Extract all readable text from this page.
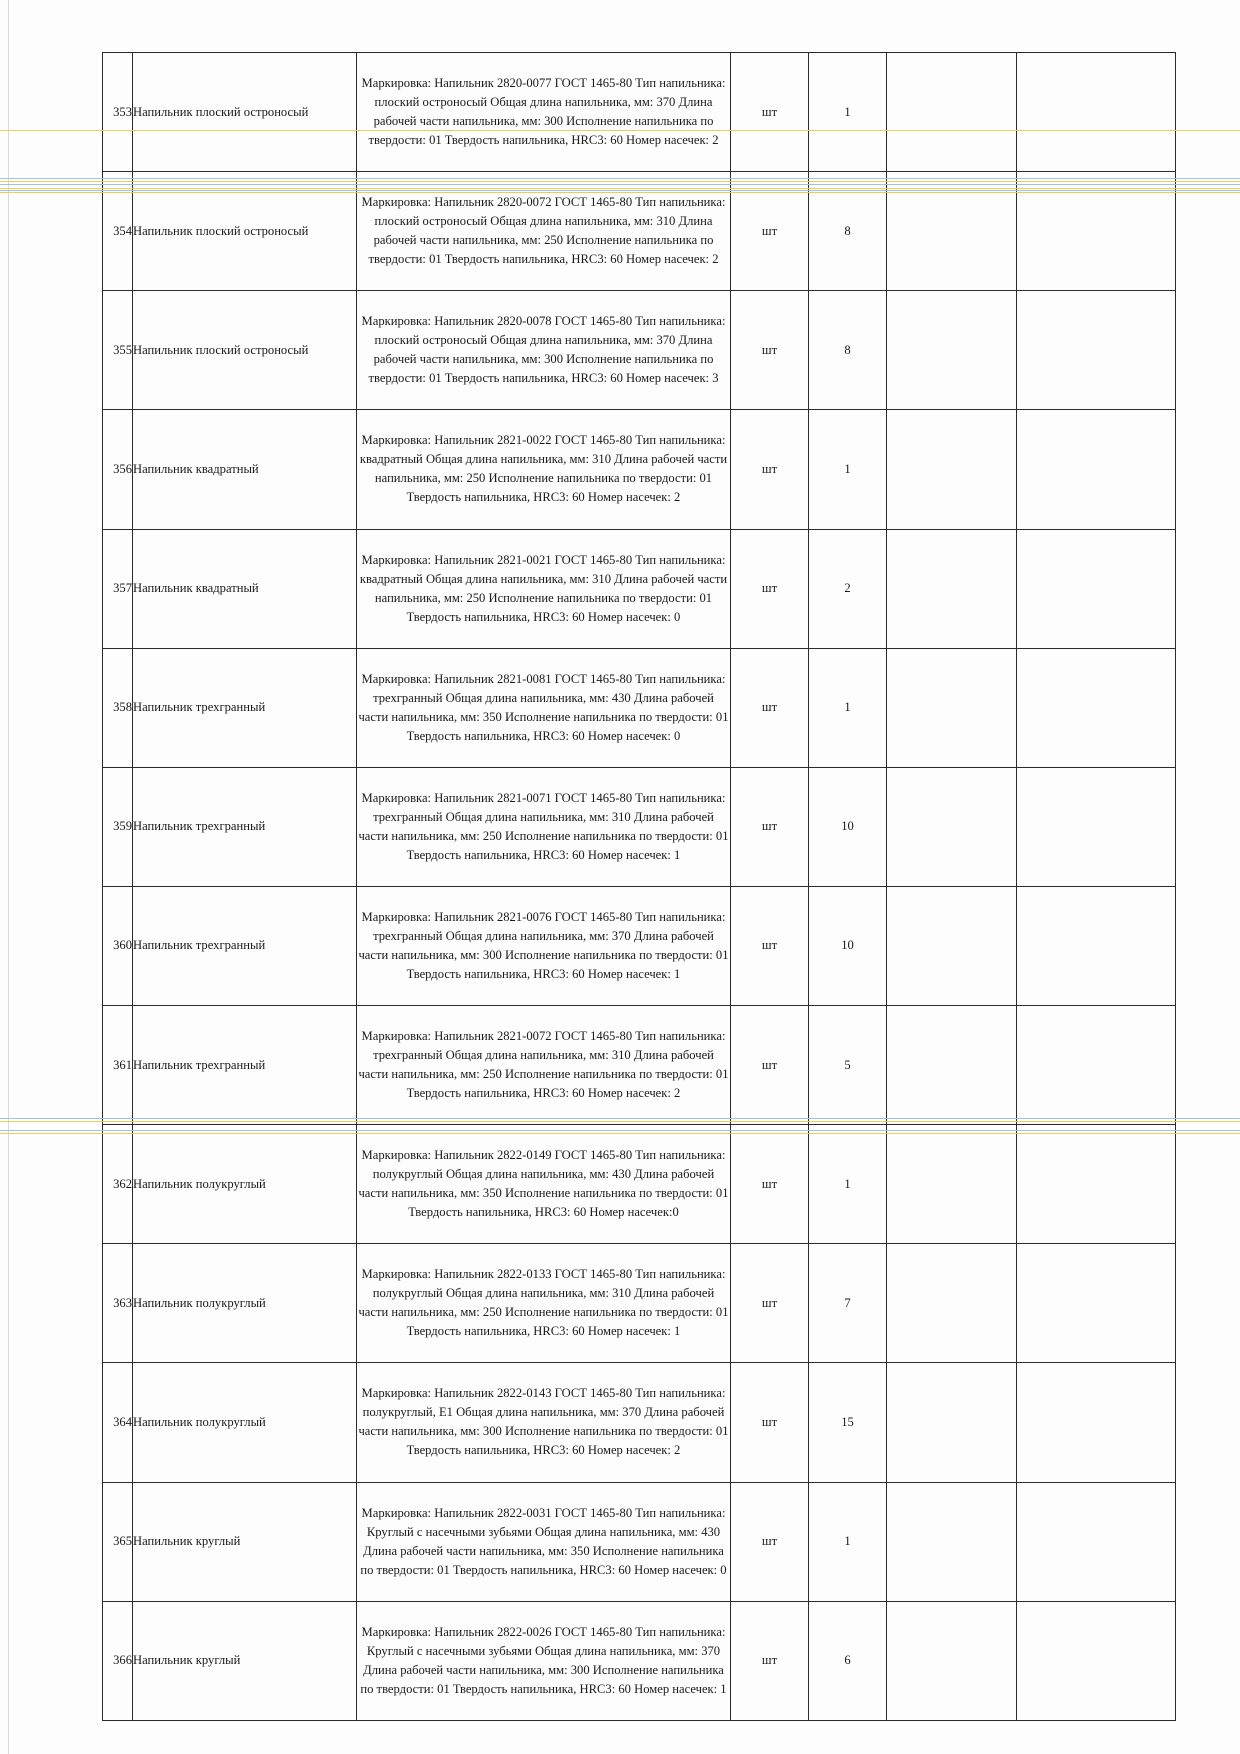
353	Напильник плоский остроносый	Маркировка: Напильник 2820-0077 ГОСТ 1465-80 Тип напильника: плоский остроносый Общая длина напильника, мм: 370 Длина рабочей части напильника, мм: 300 Исполнение напильника по твердости: 01 Твердость напильника, HRC3: 60 Номер насечек: 2	шт	1		
354	Напильник плоский остроносый	Маркировка: Напильник 2820-0072 ГОСТ 1465-80 Тип напильника: плоский остроносый Общая длина напильника, мм: 310 Длина рабочей части напильника, мм: 250 Исполнение напильника по твердости: 01 Твердость напильника, HRC3: 60 Номер насечек: 2	шт	8		
355	Напильник плоский остроносый	Маркировка: Напильник 2820-0078 ГОСТ 1465-80 Тип напильника: плоский остроносый Общая длина напильника, мм: 370 Длина рабочей части напильника, мм: 300 Исполнение напильника по твердости: 01 Твердость напильника, HRC3: 60 Номер насечек: 3	шт	8		
356	Напильник квадратный	Маркировка: Напильник 2821-0022 ГОСТ 1465-80 Тип напильника: квадратный Общая длина напильника, мм: 310 Длина рабочей части напильника, мм: 250 Исполнение напильника по твердости: 01 Твердость напильника, HRC3: 60 Номер насечек: 2	шт	1		
357	Напильник квадратный	Маркировка: Напильник 2821-0021 ГОСТ 1465-80 Тип напильника: квадратный Общая длина напильника, мм: 310 Длина рабочей части напильника, мм: 250 Исполнение напильника по твердости: 01 Твердость напильника, HRC3: 60 Номер насечек: 0	шт	2		
358	Напильник трехгранный	Маркировка: Напильник 2821-0081 ГОСТ 1465-80 Тип напильника: трехгранный Общая длина напильника, мм: 430 Длина рабочей части напильника, мм: 350 Исполнение напильника по твердости: 01 Твердость напильника, HRC3: 60 Номер насечек: 0	шт	1		
359	Напильник трехгранный	Маркировка: Напильник 2821-0071 ГОСТ 1465-80 Тип напильника: трехгранный Общая длина напильника, мм: 310 Длина рабочей части напильника, мм: 250 Исполнение напильника по твердости: 01 Твердость напильника, HRC3: 60 Номер насечек: 1	шт	10		
360	Напильник трехгранный	Маркировка: Напильник 2821-0076 ГОСТ 1465-80 Тип напильника: трехгранный Общая длина напильника, мм: 370 Длина рабочей части напильника, мм: 300 Исполнение напильника по твердости: 01 Твердость напильника, HRC3: 60 Номер насечек: 1	шт	10		
361	Напильник трехгранный	Маркировка: Напильник 2821-0072 ГОСТ 1465-80 Тип напильника: трехгранный Общая длина напильника, мм: 310 Длина рабочей части напильника, мм: 250 Исполнение напильника по твердости: 01 Твердость напильника, HRC3: 60 Номер насечек: 2	шт	5		
362	Напильник полукруглый	Маркировка: Напильник 2822-0149 ГОСТ 1465-80 Тип напильника: полукруглый Общая длина напильника, мм: 430 Длина рабочей части напильника, мм: 350 Исполнение напильника по твердости: 01 Твердость напильника, HRC3: 60 Номер насечек:0	шт	1		
363	Напильник полукруглый	Маркировка: Напильник 2822-0133 ГОСТ 1465-80 Тип напильника: полукруглый Общая длина напильника, мм: 310 Длина рабочей части напильника, мм: 250 Исполнение напильника по твердости: 01 Твердость напильника, HRC3: 60 Номер насечек: 1	шт	7		
364	Напильник полукруглый	Маркировка: Напильник 2822-0143 ГОСТ 1465-80 Тип напильника: полукруглый, Е1 Общая длина напильника, мм: 370 Длина рабочей части напильника, мм: 300 Исполнение напильника по твердости: 01 Твердость напильника, HRC3: 60 Номер насечек: 2	шт	15		
365	Напильник круглый	Маркировка: Напильник 2822-0031 ГОСТ 1465-80 Тип напильника: Круглый с насечными зубьями Общая длина напильника, мм: 430 Длина рабочей части напильника, мм: 350 Исполнение напильника по твердости: 01 Твердость напильника, HRC3: 60 Номер насечек: 0	шт	1		
366	Напильник круглый	Маркировка: Напильник 2822-0026 ГОСТ 1465-80 Тип напильника: Круглый с насечными зубьями Общая длина напильника, мм: 370 Длина рабочей части напильника, мм: 300 Исполнение напильника по твердости: 01 Твердость напильника, HRC3: 60 Номер насечек: 1	шт	6		
